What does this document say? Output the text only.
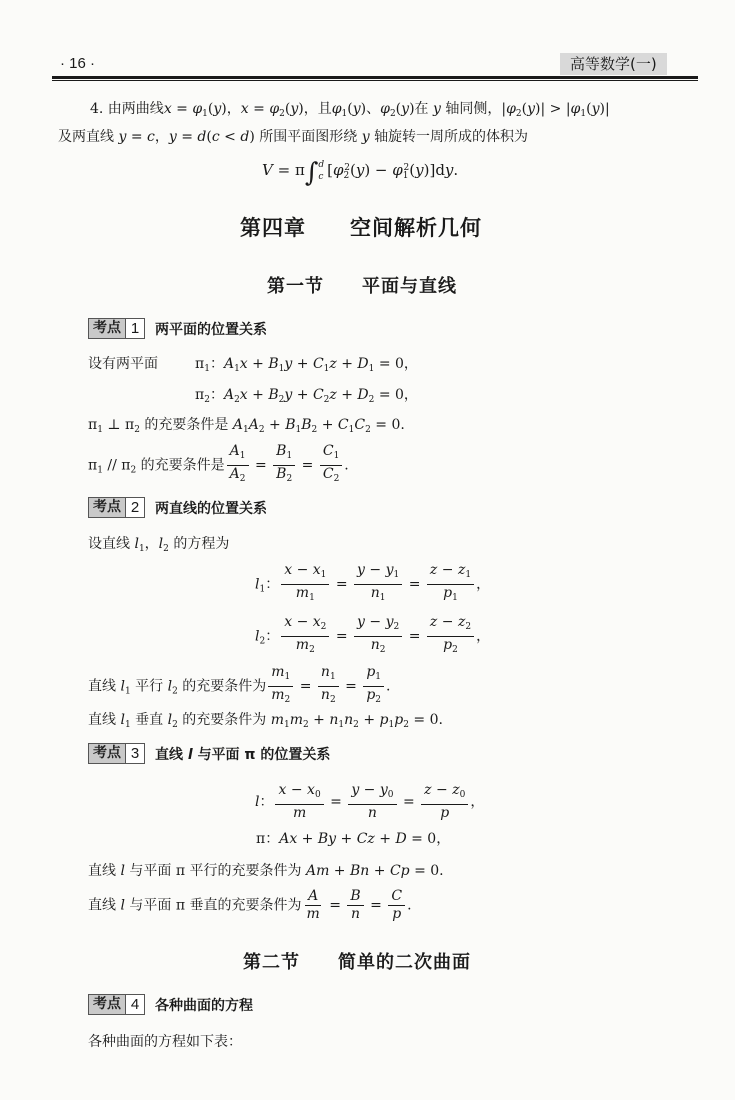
· 16 ·	高等数学(一)
4. 由两曲线$x = \varphi_1(y)$，$x = \varphi_2(y)$，且$\varphi_1(y)$、$\varphi_2(y)$在 y 轴同侧，$|\varphi_2(y)| > |\varphi_1(y)|$
及两直线 y = c，y = d(c < d) 所围平面图形绕 y 轴旋转一周所成的体积为
V = π∫ d
c $[\varphi_2^2(y) - \varphi_1^2(y)]dy$.
第四章　　空间解析几何
第一节　　平面与直线
考点 1	两平面的位置关系
设有两平面	$\pi_1$：$A_1x + B_1y + C_1z + D_1 = 0$，
$\pi_2$：$A_2x + B_2y + C_2z + D_2 = 0$，
$\pi_1$ ⊥ $\pi_2$ 的充要条件是 $A_1A_2 + B_1B_2 + C_1C_2 = 0$.
$\pi_1 // \pi_2$ 的充要条件是 $\frac{A_1}{A_2} = \frac{B_1}{B_2} = \frac{C_1}{C_2}$ .
考点 2	两直线的位置关系
设直线 $l_1$，$l_2$ 的方程为
$l_1$： $\frac{x - x_1}{m_1} = \frac{y - y_1}{n_1} = \frac{z - z_1}{p_1}$ ，
$l_2$： $\frac{x - x_2}{m_2} = \frac{y - y_2}{n_2} = \frac{z - z_2}{p_2}$ ，
直线 $l_1$ 平行 $l_2$ 的充要条件为 $\frac{m_1}{m_2} = \frac{n_1}{n_2} = \frac{p_1}{p_2}$ .
直线 $l_1$ 垂直 $l_2$ 的充要条件为 $m_1m_2 + n_1n_2 + p_1p_2 = 0$.
考点 3	直线 l 与平面 π 的位置关系
l： $\frac{x - x_0}{m} = \frac{y - y_0}{n} = \frac{z - z_0}{p}$ ，
π：Ax + By + Cz + D = 0，
直线 l 与平面 π 平行的充要条件为 Am + Bn + Cp = 0.
直线 l 与平面 π 垂直的充要条件为 $\frac{A}{m} = \frac{B}{n} = \frac{C}{p}$ .
第二节　　简单的二次曲面
考点 4	各种曲面的方程
各种曲面的方程如下表：
